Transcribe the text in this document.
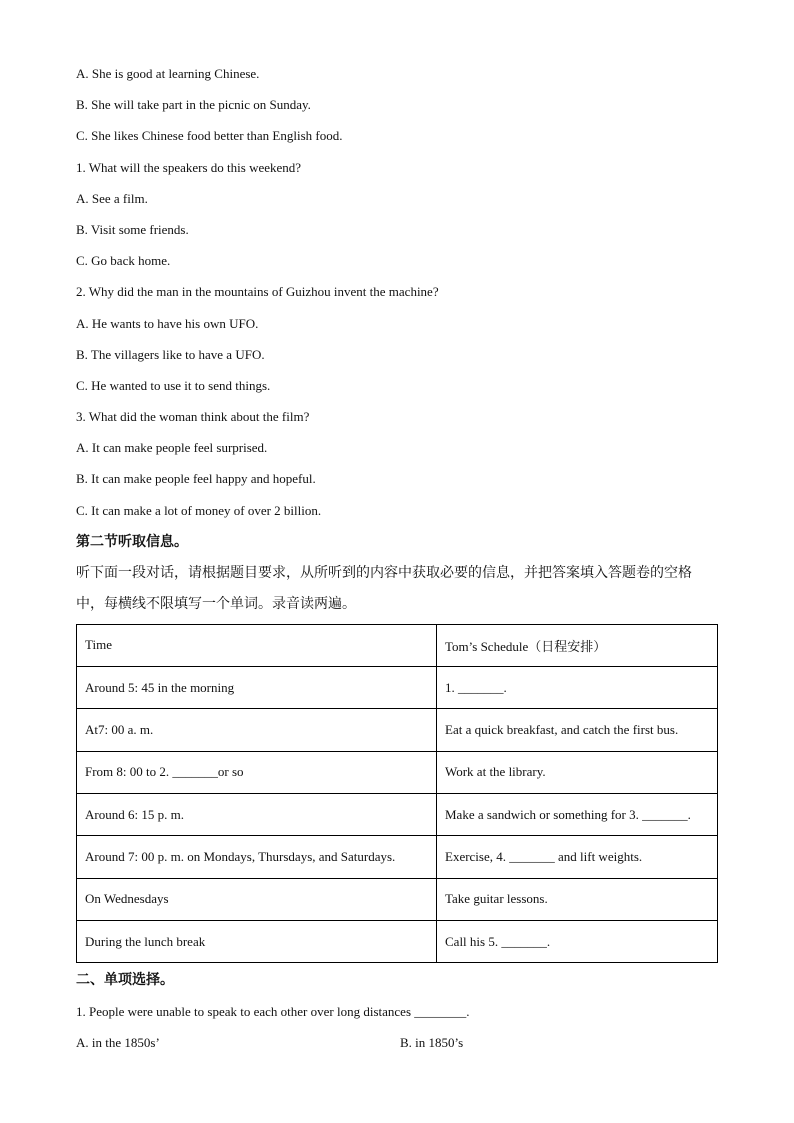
A. She is good at learning Chinese.
B. She will take part in the picnic on Sunday.
C. She likes Chinese food better than English food.
1. What will the speakers do this weekend?
A. See a film.
B. Visit some friends.
C. Go back home.
2. Why did the man in the mountains of Guizhou invent the machine?
A. He wants to have his own UFO.
B. The villagers like to have a UFO.
C. He wanted to use it to send things.
3. What did the woman think about the film?
A. It can make people feel surprised.
B. It can make people feel happy and hopeful.
C. It can make a lot of money of over 2 billion.
第二节听取信息。
听下面一段对话，请根据题目要求，从所听到的内容中获取必要的信息，并把答案填入答题卷的空格中，每横线不限填写一个单词。录音读两遍。
Time	Tom’s Schedule（日程安排）
Around 5: 45 in the morning	1. _______.
At7: 00 a. m.	Eat a quick breakfast, and catch the first bus.
From 8: 00 to 2. _______or so	Work at the library.
Around 6: 15 p. m.	Make a sandwich or something for 3. _______.
Around 7: 00 p. m. on Mondays, Thursdays, and Saturdays.	Exercise, 4. _______ and lift weights.
On Wednesdays	Take guitar lessons.
During the lunch break	Call his 5. _______.
二、单项选择。
1. People were unable to speak to each other over long distances ________.
A. in the 1850s’	B. in 1850’s
